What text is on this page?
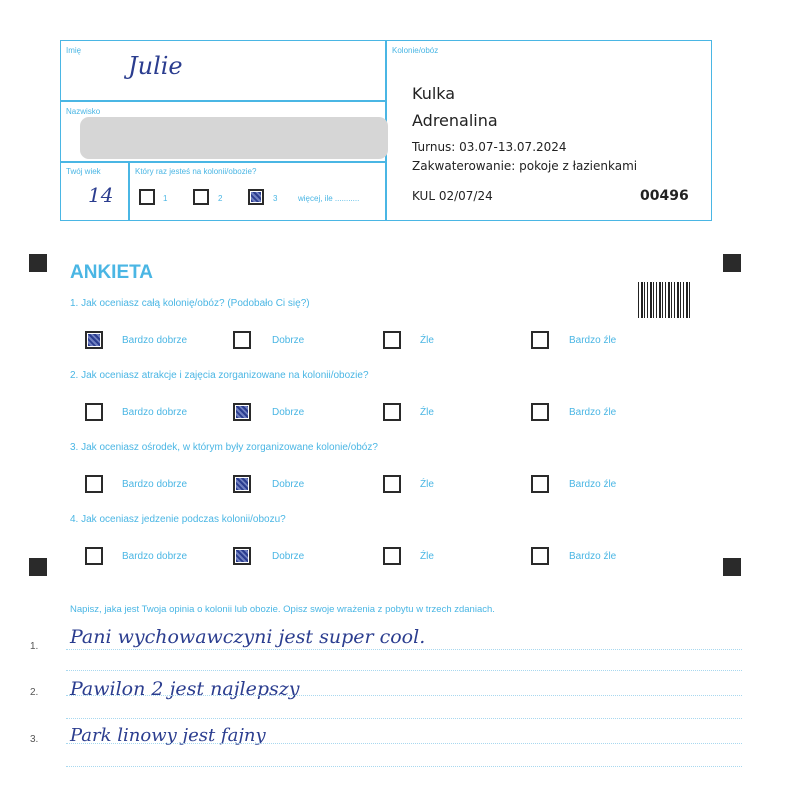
Imię
Julie
Nazwisko
Twój wiek
14
Który raz jesteś na kolonii/obozie?
1	2	3	więcej, ile ...........
Kolonie/obóz
Kulka
Adrenalina
Turnus: 03.07-13.07.2024
Zakwaterowanie: pokoje z łazienkami
KUL 02/07/24	00496
ANKIETA
1. Jak oceniasz całą kolonię/obóz? (Podobało Ci się?)
Bardzo dobrze	Dobrze	Źle	Bardzo źle
2. Jak oceniasz atrakcje i zajęcia zorganizowane na kolonii/obozie?
Bardzo dobrze	Dobrze	Źle	Bardzo źle
3. Jak oceniasz ośrodek, w którym były zorganizowane kolonie/obóz?
Bardzo dobrze	Dobrze	Źle	Bardzo źle
4. Jak oceniasz jedzenie podczas kolonii/obozu?
Bardzo dobrze	Dobrze	Źle	Bardzo źle
Napisz, jaka jest Twoja opinia o kolonii lub obozie. Opisz swoje wrażenia z pobytu w trzech zdaniach.
1. Pani wychowawczyni jest super cool.
2. Pawilon 2 jest najlepszy
3. Park linowy jest fajny
